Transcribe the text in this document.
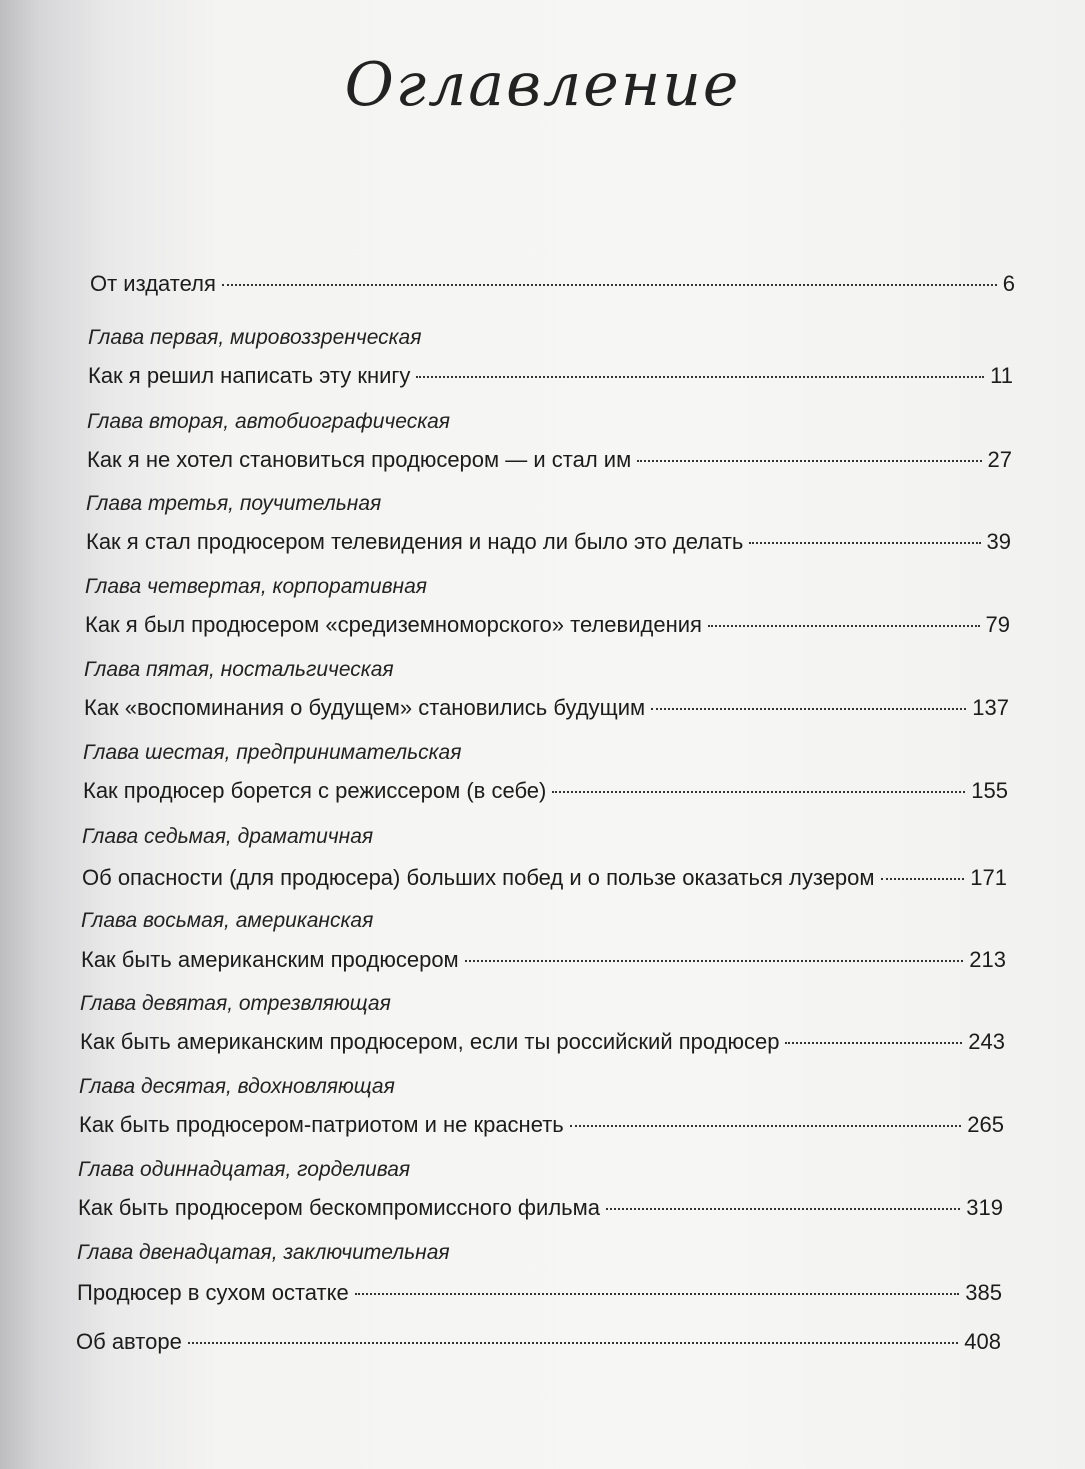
Оглавление
От издателя	6
Глава первая, мировоззренческая
Как я решил написать эту книгу	11
Глава вторая, автобиографическая
Как я не хотел становиться продюсером — и стал им	27
Глава третья, поучительная
Как я стал продюсером телевидения и надо ли было это делать	39
Глава четвертая, корпоративная
Как я был продюсером «средиземноморского» телевидения	79
Глава пятая, ностальгическая
Как «воспоминания о будущем» становились будущим	137
Глава шестая, предпринимательская
Как продюсер борется с режиссером (в себе)	155
Глава седьмая, драматичная
Об опасности (для продюсера) больших побед и о пользе оказаться лузером	171
Глава восьмая, американская
Как быть американским продюсером	213
Глава девятая, отрезвляющая
Как быть американским продюсером, если ты российский продюсер	243
Глава десятая, вдохновляющая
Как быть продюсером-патриотом и не краснеть	265
Глава одиннадцатая, горделивая
Как быть продюсером бескомпромиссного фильма	319
Глава двенадцатая, заключительная
Продюсер в сухом остатке	385
Об авторе	408
